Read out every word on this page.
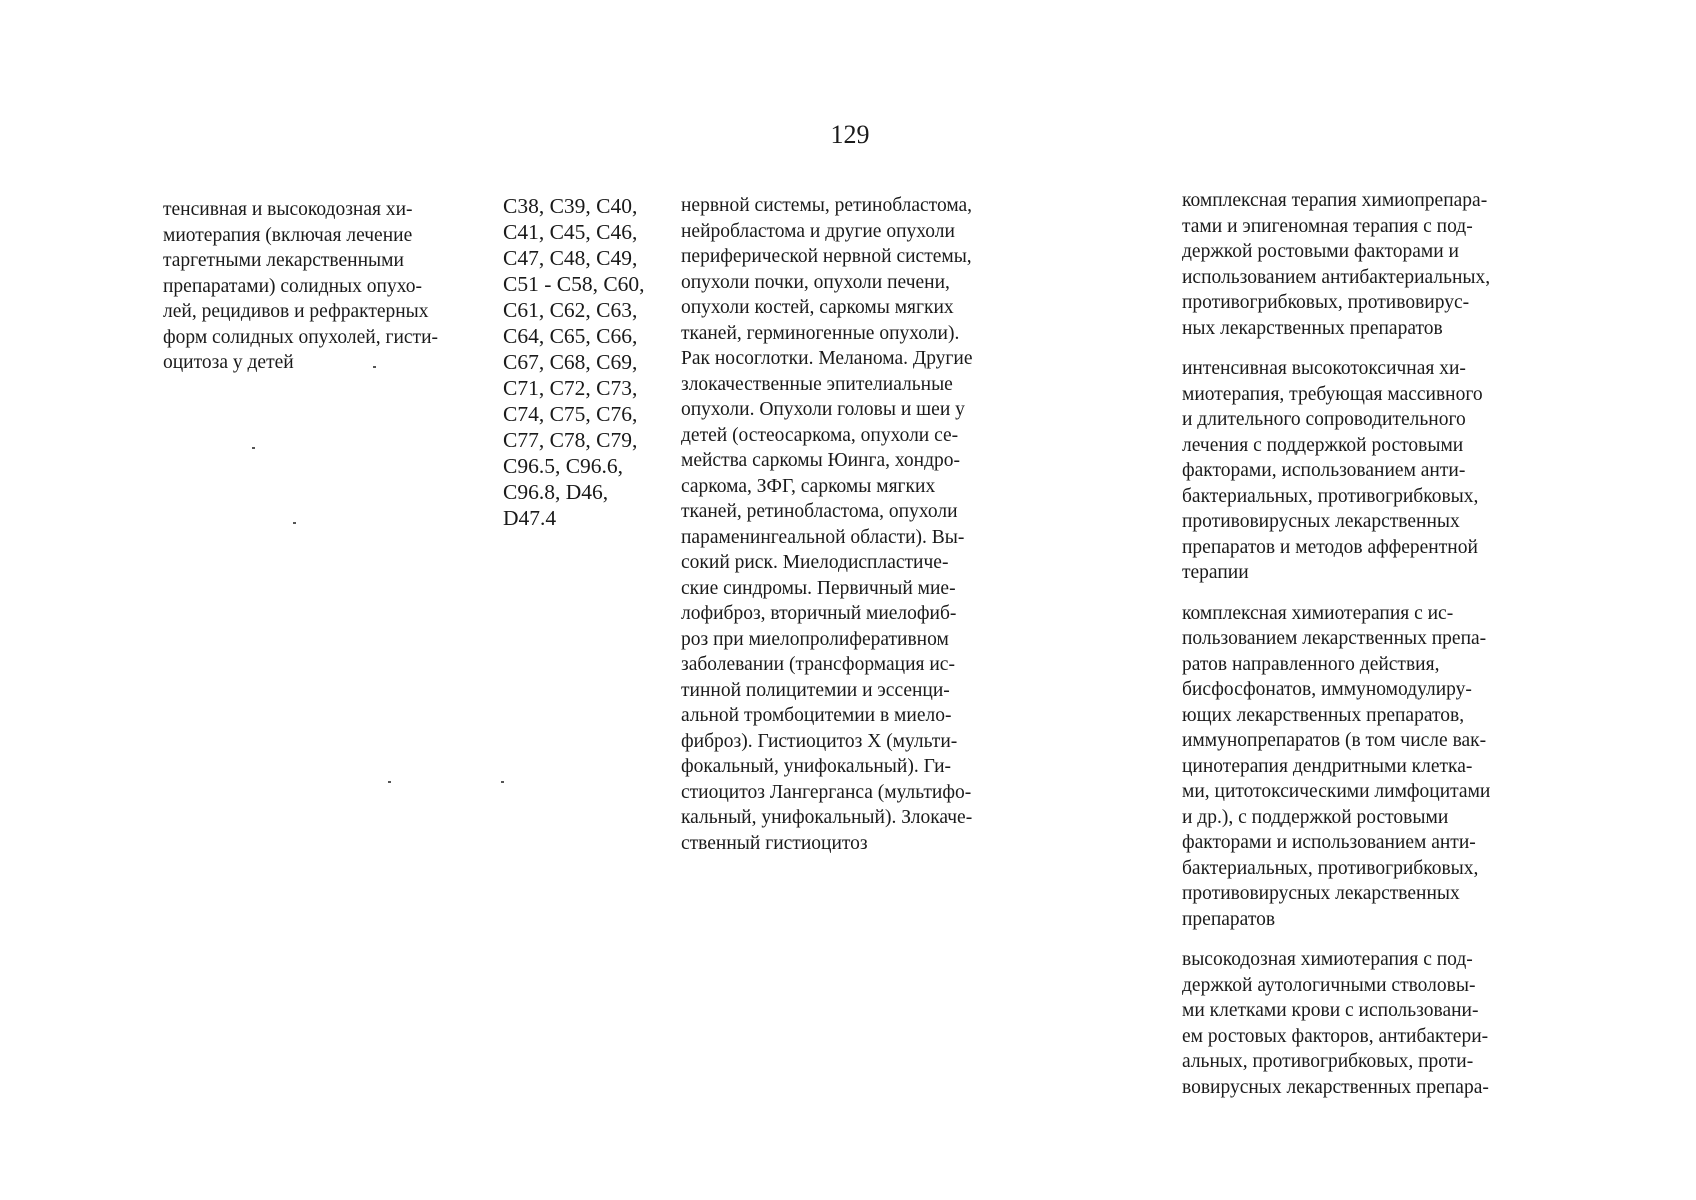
129
тенсивная и высокодозная хи-
миотерапия (включая лечение
таргетными лекарственными
препаратами) солидных опухо-
лей, рецидивов и рефрактерных
форм солидных опухолей, гисти-
оцитоза у детей
C38, C39, C40,
C41, C45, C46,
C47, C48, C49,
C51 - C58, C60,
C61, C62, C63,
C64, C65, C66,
C67, C68, C69,
C71, C72, C73,
C74, C75, C76,
C77, C78, C79,
C96.5, C96.6,
C96.8, D46,
D47.4
нервной системы, ретинобластома,
нейробластома и другие опухоли
периферической нервной системы,
опухоли почки, опухоли печени,
опухоли костей, саркомы мягких
тканей, герминогенные опухоли).
Рак носоглотки. Меланома. Другие
злокачественные эпителиальные
опухоли. Опухоли головы и шеи у
детей (остеосаркома, опухоли се-
мейства саркомы Юинга, хондро-
саркома, ЗФГ, саркомы мягких
тканей, ретинобластома, опухоли
параменингеальной области). Вы-
сокий риск. Миелодиспластиче-
ские синдромы. Первичный мие-
лофиброз, вторичный миелофиб-
роз при миелопролиферативном
заболевании (трансформация ис-
тинной полицитемии и эссенци-
альной тромбоцитемии в миело-
фиброз). Гистиоцитоз X (мульти-
фокальный, унифокальный). Ги-
стиоцитоз Лангерганса (мультифо-
кальный, унифокальный). Злокаче-
ственный гистиоцитоз
комплексная терапия химиопрепара-
тами и эпигеномная терапия с под-
держкой ростовыми факторами и
использованием антибактериальных,
противогрибковых, противовирус-
ных лекарственных препаратов
интенсивная высокотоксичная хи-
миотерапия, требующая массивного
и длительного сопроводительного
лечения с поддержкой ростовыми
факторами, использованием анти-
бактериальных, противогрибковых,
противовирусных лекарственных
препаратов и методов афферентной
терапии
комплексная химиотерапия с ис-
пользованием лекарственных препа-
ратов направленного действия,
бисфосфонатов, иммуномодулиру-
ющих лекарственных препаратов,
иммунопрепаратов (в том числе вак-
цинотерапия дендритными клетка-
ми, цитотоксическими лимфоцитами
и др.), с поддержкой ростовыми
факторами и использованием анти-
бактериальных, противогрибковых,
противовирусных лекарственных
препаратов
высокодозная химиотерапия с под-
держкой аутологичными стволовы-
ми клетками крови с использовани-
ем ростовых факторов, антибактери-
альных, противогрибковых, проти-
вовирусных лекарственных препара-
